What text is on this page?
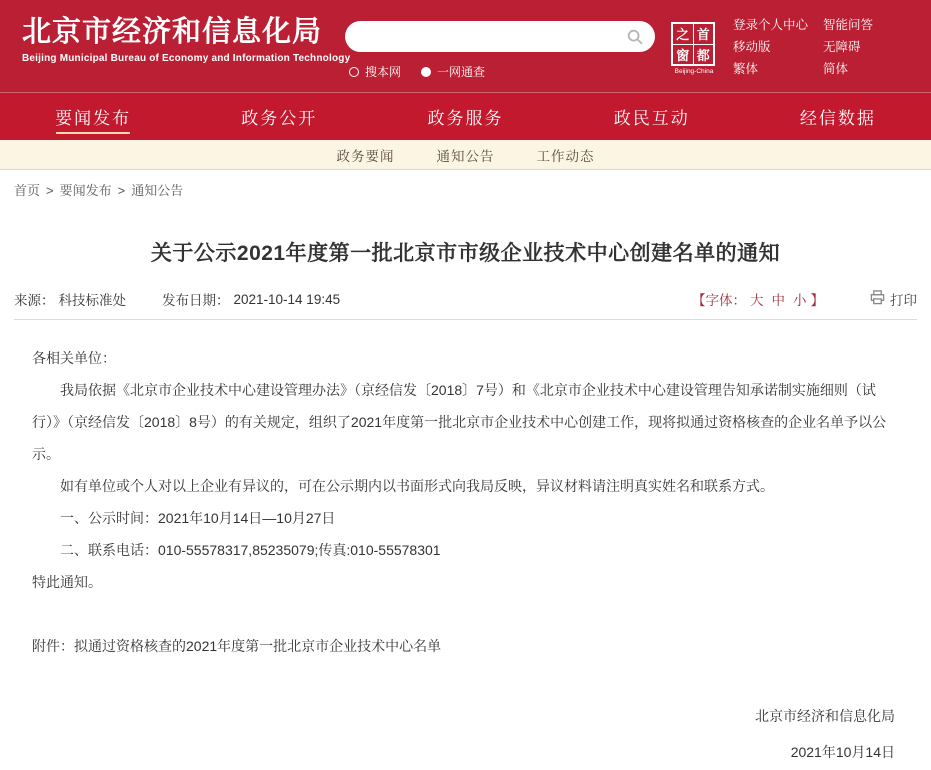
北京市经济和信息化局
Beijing Municipal Bureau of Economy and Information Technology
搜本网	一网通查
之 首
窗 都
Beijing-China
登录个人中心
移动版
繁体
智能问答
无障碍
简体
要闻发布	政务公开	政务服务	政民互动	经信数据
政务要闻	通知公告	工作动态
首页 > 要闻发布 > 通知公告
关于公示2021年度第一批北京市市级企业技术中心创建名单的通知
来源： 科技标准处	发布日期： 2021-10-14 19:45	【字体： 大 中 小 】	打印

各相关单位：

我局依据《北京市企业技术中心建设管理办法》（京经信发〔2018〕7号）和《北京市企业技术中心建设管理告知承诺制实施细则（试行）》（京经信发〔2018〕8号）的有关规定，组织了2021年度第一批北京市企业技术中心创建工作，现将拟通过资格核查的企业名单予以公示。

如有单位或个人对以上企业有异议的，可在公示期内以书面形式向我局反映，异议材料请注明真实姓名和联系方式。

一、公示时间：2021年10月14日—10月27日

二、联系电话：010-55578317,85235079;传真:010-55578301

特此通知。

附件：拟通过资格核查的2021年度第一批北京市企业技术中心名单

北京市经济和信息化局
2021年10月14日
